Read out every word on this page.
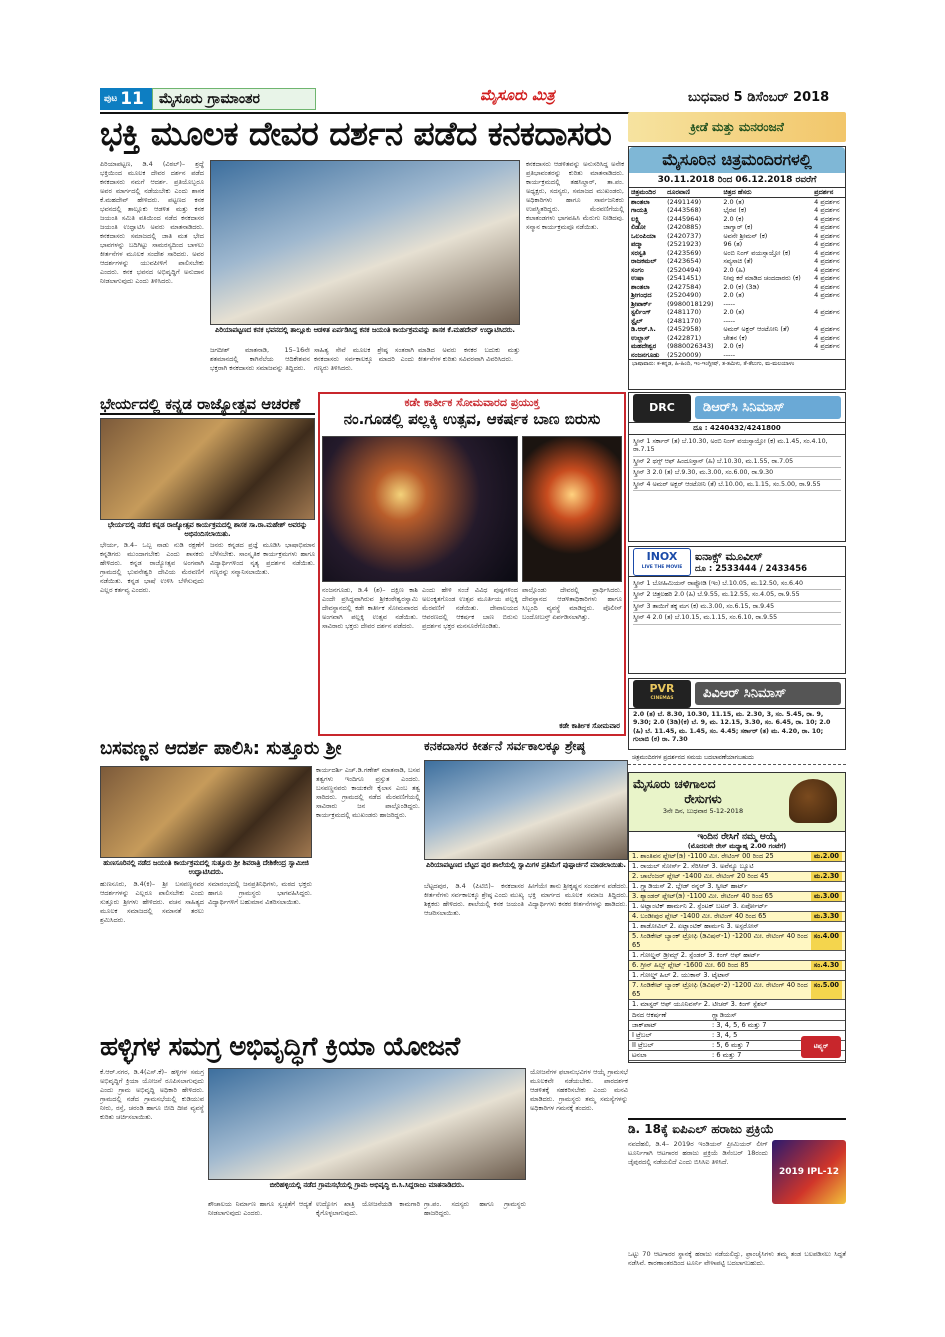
ಪುಟ 11	ಮೈಸೂರು ಗ್ರಾಮಾಂತರ	ಮೈಸೂರು ಮಿತ್ರ	ಬುಧವಾರ 5 ಡಿಸೆಂಬರ್ 2018
ಭಕ್ತಿ ಮೂಲಕ ದೇವರ ದರ್ಶನ ಪಡೆದ ಕನಕದಾಸರು
ಪಿರಿಯಾಪಟ್ಟಣ, ಡಿ.4 (ವಿಠಲ್)– ಶ್ರದ್ಧೆ ಭಕ್ತಿಯಿಂದ ಮೂಲಕ ದೇವರ ದರ್ಶನ ಪಡೆದ ಕನಕದಾಸರು ನಮಗೆ ಆದರ್ಶ. ಪ್ರತಿಯೊಬ್ಬರೂ ಅವರ ಮಾರ್ಗದಲ್ಲಿ ನಡೆಯಬೇಕು ಎಂದು ಶಾಸಕ ಕೆ.ಮಹದೇವ್ ಹೇಳಿದರು. ಪಟ್ಟಣದ ಕನಕ ಭವನದಲ್ಲಿ ತಾಲ್ಲೂಕು ಆಡಳಿತ ಮತ್ತು ಕನಕ ಜಯಂತಿ ಸಮಿತಿ ವತಿಯಿಂದ ನಡೆದ ಕನಕದಾಸರ ಜಯಂತಿ ಉದ್ಘಾಟಿಸಿ ಅವರು ಮಾತನಾಡಿದರು. ಕನಕದಾಸರು ಸಮಾಜದಲ್ಲಿ ಜಾತಿ ಮತ ಭೇದ ಭಾವಗಳನ್ನು ಬದಿಗಿಟ್ಟು ಸಾಮರಸ್ಯದಿಂದ ಬಾಳಲು ಕೀರ್ತನೆಗಳ ಮೂಲಕ ಸಂದೇಶ ಸಾರಿದರು. ಅವರ ಆದರ್ಶಗಳನ್ನು ಯುವಪೀಳಿಗೆ ಪಾಲಿಸಬೇಕು ಎಂದರು. ಕನಕ ಭವನದ ಅಭಿವೃದ್ಧಿಗೆ ಅನುದಾನ ನೀಡಲಾಗುವುದು ಎಂದು ತಿಳಿಸಿದರು.
ಪಿರಿಯಾಪಟ್ಟಣದ ಕನಕ ಭವನದಲ್ಲಿ ತಾಲ್ಲೂಕು ಆಡಳಿತ ಏರ್ಪಡಿಸಿದ್ದ ಕನಕ ಜಯಂತಿ ಕಾರ್ಯಕ್ರಮವನ್ನು ಶಾಸಕ ಕೆ.ಮಹದೇವ್ ಉದ್ಘಾಟಿಸಿದರು.
ಜಗದೀಶ್ ಮಾತನಾಡಿ, 15–16ನೇ ಶತಮಾನದಲ್ಲಿ ಕಾಗಿನೆಲೆಯ ಆದಿಕೇಶವನ ಭಕ್ತರಾಗಿ ಕನಕದಾಸರು ಸಮಾಜವನ್ನು ತಿದ್ದಿದರು.
ಸಾಹಿತ್ಯ ಸೇವೆ ಮೂಲಕ ಶ್ರೇಷ್ಠ ಸಂತರಾಗಿ ಕನಕದಾಸರು ಸರ್ವಕಾಲಕ್ಕೂ ಮಾದರಿ ಎಂದು ಗಣ್ಯರು ತಿಳಿಸಿದರು.
ಮಾಡಿದ ಅವರು ಕನಕರ ಬದುಕು ಮತ್ತು ಕೀರ್ತನೆಗಳ ಕುರಿತು ಸವಿವರವಾಗಿ ವಿವರಿಸಿದರು.
ಕನಕದಾಸರು ಆಡಳಿತವನ್ನು ಅನುಸರಿಸಿದ್ದ ಅನೇಕ ಪ್ರತಿಭಾವಂತರನ್ನು ಕುರಿತು ಮಾತನಾಡಿದರು. ಕಾರ್ಯಕ್ರಮದಲ್ಲಿ ತಹಸಿಲ್ದಾರ್, ತಾ.ಪಂ. ಅಧ್ಯಕ್ಷರು, ಸದಸ್ಯರು, ಸಮಾಜದ ಮುಖಂಡರು, ಅಧಿಕಾರಿಗಳು ಹಾಗೂ ಸಾರ್ವಜನಿಕರು ಉಪಸ್ಥಿತರಿದ್ದರು. ಮೆರವಣಿಗೆಯಲ್ಲಿ ಕಲಾತಂಡಗಳು ಭಾಗವಹಿಸಿ ಮೆರುಗು ನೀಡಿದವು. ಸನ್ಮಾನ ಕಾರ್ಯಕ್ರಮವೂ ನಡೆಯಿತು.
ಭೇರ್ಯದಲ್ಲಿ ಕನ್ನಡ ರಾಜ್ಯೋತ್ಸವ ಆಚರಣೆ
ಭೇರ್ಯದಲ್ಲಿ ನಡೆದ ಕನ್ನಡ ರಾಜ್ಯೋತ್ಸವ ಕಾರ್ಯಕ್ರಮದಲ್ಲಿ ಶಾಸಕ ಸಾ.ರಾ.ಮಹೇಶ್ ಅವರನ್ನು ಅಭಿನಂದಿಸಲಾಯಿತು.
ಭೇರ್ಯ, ಡಿ.4– ಒಬ್ಬ ನಾಡು ನುಡಿ ರಕ್ಷಣೆಗೆ ಕನ್ನಡಿಗರು ಮುಂದಾಗಬೇಕು ಎಂದು ಶಾಸಕರು ಹೇಳಿದರು. ಕನ್ನಡ ರಾಜ್ಯೋತ್ಸವ ಅಂಗವಾಗಿ ಗ್ರಾಮದಲ್ಲಿ ಭುವನೇಶ್ವರಿ ದೇವಿಯ ಮೆರವಣಿಗೆ ನಡೆಯಿತು. ಕನ್ನಡ ಭಾಷೆ ಉಳಿಸಿ ಬೆಳೆಸುವುದು ಎಲ್ಲರ ಕರ್ತವ್ಯ ಎಂದರು.
ಜನರು ಕನ್ನಡದ ಪ್ರಜ್ಞೆ ಮೂಡಿಸಿ ಭಾಷಾಭಿಮಾನ ಬೆಳೆಸಬೇಕು. ಸಾಂಸ್ಕೃತಿಕ ಕಾರ್ಯಕ್ರಮಗಳು ಹಾಗೂ ವಿದ್ಯಾರ್ಥಿಗಳಿಂದ ನೃತ್ಯ ಪ್ರದರ್ಶನ ನಡೆಯಿತು. ಗಣ್ಯರನ್ನು ಸನ್ಮಾನಿಸಲಾಯಿತು.
ಕಡೇ ಕಾರ್ತೀಕ ಸೋಮವಾರದ ಪ್ರಯುಕ್ತ
ನಂ.ಗೂಡಲ್ಲಿ ಪಲ್ಲಕ್ಕಿ ಉತ್ಸವ, ಆಕರ್ಷಕ ಬಾಣ ಬಿರುಸು
ನಂಜನಗೂಡು, ಡಿ.4 (ಶ)– ದಕ್ಷಿಣ ಕಾಶಿ ಎಂದೇ ಪ್ರಸಿದ್ಧವಾಗಿರುವ ಶ್ರೀಕಂಠೇಶ್ವರಸ್ವಾಮಿ ದೇವಸ್ಥಾನದಲ್ಲಿ ಕಡೇ ಕಾರ್ತೀಕ ಸೋಮವಾರದ ಅಂಗವಾಗಿ ಪಲ್ಲಕ್ಕಿ ಉತ್ಸವ ನಡೆಯಿತು. ಸಾವಿರಾರು ಭಕ್ತರು ದೇವರ ದರ್ಶನ ಪಡೆದರು.
ಎಂದು ಹೇಳಿ ಸಂಜೆ ವಿವಿಧ ಪುಷ್ಪಗಳಿಂದ ಅಲಂಕೃತಗೊಂಡ ಉತ್ಸವ ಮೂರ್ತಿಯ ಪಲ್ಲಕ್ಕಿ ಮೆರವಣಿಗೆ ನಡೆಯಿತು. ದೇವಾಲಯದ ಆವರಣದಲ್ಲಿ ಆಕರ್ಷಕ ಬಾಣ ಬಿರುಸು ಪ್ರದರ್ಶನ ಭಕ್ತರ ಮನಸೂರೆಗೊಂಡಿತು.
ಪಾಲ್ಗೊಂಡು ದೇವರಲ್ಲಿ ಪ್ರಾರ್ಥಿಸಿದರು. ದೇವಸ್ಥಾನದ ಆಡಳಿತಾಧಿಕಾರಿಗಳು ಹಾಗೂ ಸಿಬ್ಬಂದಿ ವ್ಯವಸ್ಥೆ ಮಾಡಿದ್ದರು. ಪೊಲೀಸ್ ಬಂದೋಬಸ್ತ್ ಏರ್ಪಡಿಸಲಾಗಿತ್ತು.
ಕಡೇ ಕಾರ್ತೀಕ ಸೋಮವಾರ
ಬಸವಣ್ಣನ ಆದರ್ಶ ಪಾಲಿಸಿ: ಸುತ್ತೂರು ಶ್ರೀ
ಹುಣಸೂರಿನಲ್ಲಿ ನಡೆದ ಜಯಂತಿ ಕಾರ್ಯಕ್ರಮದಲ್ಲಿ ಸುತ್ತೂರು ಶ್ರೀ ಶಿವರಾತ್ರಿ ದೇಶಿಕೇಂದ್ರ ಸ್ವಾಮೀಜಿ ಉದ್ಘಾಟಿಸಿದರು.
ಹುಣಸೂರು, ಡಿ.4(ಕಿ)– ಶ್ರೀ ಬಸವಣ್ಣನವರ ಆದರ್ಶಗಳನ್ನು ಎಲ್ಲರೂ ಪಾಲಿಸಬೇಕು ಎಂದು ಸುತ್ತೂರು ಶ್ರೀಗಳು ಹೇಳಿದರು. ವಚನ ಸಾಹಿತ್ಯದ ಮೂಲಕ ಸಮಾಜದಲ್ಲಿ ಸಮಾನತೆ ತರಲು ಶ್ರಮಿಸಿದರು.
ಸಮಾರಂಭದಲ್ಲಿ ಜನಪ್ರತಿನಿಧಿಗಳು, ಮಠದ ಭಕ್ತರು ಹಾಗೂ ಗ್ರಾಮಸ್ಥರು ಭಾಗವಹಿಸಿದ್ದರು. ವಿದ್ಯಾರ್ಥಿಗಳಿಗೆ ಬಹುಮಾನ ವಿತರಿಸಲಾಯಿತು.
ಕಾರ್ಯದರ್ಶಿ ಎಚ್.ಡಿ.ಗಣೇಶ್ ಮಾತನಾಡಿ, ಬಸವ ತತ್ವಗಳು ಇಂದಿಗೂ ಪ್ರಸ್ತುತ ಎಂದರು. ಬಸವಣ್ಣನವರು ಕಾಯಕವೇ ಕೈಲಾಸ ಎಂಬ ತತ್ವ ಸಾರಿದರು. ಗ್ರಾಮದಲ್ಲಿ ನಡೆದ ಮೆರವಣಿಗೆಯಲ್ಲಿ ಸಾವಿರಾರು ಜನ ಪಾಲ್ಗೊಂಡಿದ್ದರು. ಕಾರ್ಯಕ್ರಮದಲ್ಲಿ ಮುಖಂಡರು ಹಾಜರಿದ್ದರು.
ಕನಕದಾಸರ ಕೀರ್ತನೆ ಸರ್ವಕಾಲಕ್ಕೂ ಶ್ರೇಷ್ಠ
ಪಿರಿಯಾಪಟ್ಟಣದ ಬೆಟ್ಟದ ಪುರ ಶಾಲೆಯಲ್ಲಿ ಸ್ವಾಮಿಗಳ ಪ್ರತಿಮೆಗೆ ಪುಷ್ಪಾರ್ಚನೆ ಮಾಡಲಾಯಿತು.
ಬೆಟ್ಟದಪುರ, ಡಿ.4 (ಪಿಟಿಬಿ)– ಕನಕದಾಸರ ಕೀರ್ತನೆಗಳು ಸರ್ವಕಾಲಕ್ಕೂ ಶ್ರೇಷ್ಠ ಎಂದು ಮುಖ್ಯ ಶಿಕ್ಷಕರು ಹೇಳಿದರು. ಶಾಲೆಯಲ್ಲಿ ಕನಕ ಜಯಂತಿ ಆಚರಿಸಲಾಯಿತು.
ಹೀಗೆಯೇ ತಾನು ಶ್ರೀಕೃಷ್ಣನ ಸಂದರ್ಶನ ಪಡೆದರು. ಭಕ್ತಿ ಮಾರ್ಗದ ಮೂಲಕ ಸಮಾಜ ತಿದ್ದಿದರು. ವಿದ್ಯಾರ್ಥಿಗಳು ಕನಕರ ಕೀರ್ತನೆಗಳನ್ನು ಹಾಡಿದರು.
ಹಳ್ಳಿಗಳ ಸಮಗ್ರ ಅಭಿವೃದ್ಧಿಗೆ ಕ್ರಿಯಾ ಯೋಜನೆ
ಕೆ.ಆರ್.ನಗರ, ಡಿ.4(ಎಸ್.ಕೆ)– ಹಳ್ಳಿಗಳ ಸಮಗ್ರ ಅಭಿವೃದ್ಧಿಗೆ ಕ್ರಿಯಾ ಯೋಜನೆ ರೂಪಿಸಲಾಗುವುದು ಎಂದು ಗ್ರಾಮ ಅಭಿವೃದ್ಧಿ ಅಧಿಕಾರಿ ಹೇಳಿದರು. ಗ್ರಾಮದಲ್ಲಿ ನಡೆದ ಗ್ರಾಮಸಭೆಯಲ್ಲಿ ಕುಡಿಯುವ ನೀರು, ರಸ್ತೆ, ಚರಂಡಿ ಹಾಗೂ ಬೀದಿ ದೀಪ ವ್ಯವಸ್ಥೆ ಕುರಿತು ಚರ್ಚಿಸಲಾಯಿತು.
ಬೀರಿಹಳ್ಳಿಯಲ್ಲಿ ನಡೆದ ಗ್ರಾಮಸಭೆಯಲ್ಲಿ ಗ್ರಾಮ ಅಭಿವೃದ್ಧಿ ಬಿ.ಸಿ.ಸಿದ್ದರಾಜು ಮಾತನಾಡಿದರು.
ಶೌಚಾಲಯ ನಿರ್ಮಾಣ ಹಾಗೂ ಸ್ವಚ್ಛತೆಗೆ ಆದ್ಯತೆ ನೀಡಲಾಗುವುದು ಎಂದರು.
ಉದ್ಯೋಗ ಖಾತ್ರಿ ಯೋಜನೆಯಡಿ ಕಾಮಗಾರಿ ಕೈಗೊಳ್ಳಲಾಗುವುದು.
ಗ್ರಾ.ಪಂ. ಸದಸ್ಯರು ಹಾಗೂ ಗ್ರಾಮಸ್ಥರು ಹಾಜರಿದ್ದರು.
ಯೋಜನೆಗಳ ಫಲಾನುಭವಿಗಳ ಆಯ್ಕೆ ಗ್ರಾಮಸಭೆ ಮೂಲಕವೇ ನಡೆಯಬೇಕು. ಪಾರದರ್ಶಕ ಆಡಳಿತಕ್ಕೆ ಸಹಕರಿಸಬೇಕು ಎಂದು ಮನವಿ ಮಾಡಿದರು. ಗ್ರಾಮಸ್ಥರು ತಮ್ಮ ಸಮಸ್ಯೆಗಳನ್ನು ಅಧಿಕಾರಿಗಳ ಗಮನಕ್ಕೆ ತಂದರು.
ಕ್ರೀಡೆ ಮತ್ತು ಮನರಂಜನೆ
ಮೈಸೂರಿನ ಚಿತ್ರಮಂದಿರಗಳಲ್ಲಿ
30.11.2018 ರಿಂದ 06.12.2018 ರವರೆಗೆ
ಚಿತ್ರಮಂದಿರ	ದೂರವಾಣಿ	ಚಿತ್ರದ ಹೆಸರು	ಪ್ರದರ್ಶನ
ಶಾಂತಲಾ	(2491149)	2.0 (ತ)	4 ಪ್ರದರ್ಶನ
ಗಾಯತ್ರಿ	(2443568)	ಭೈರವ (ಕ)	4 ಪ್ರದರ್ಶನ
ಲಕ್ಷ್ಮಿ	(2445964)	2.0 (ಕ)	4 ಪ್ರದರ್ಶನ
ಲಿಡೋ	(2420885)	ಜಾಗ್ವಾರ್ (ಕ)	4 ಪ್ರದರ್ಶನ
ಒಲಂಪಿಯಾ	(2420737)	ಅವನೇ ಶ್ರೀಮನ್ (ಕ)	4 ಪ್ರದರ್ಶನ
ಪದ್ಮಾ	(2521923)	96 (ತ)	4 ಪ್ರದರ್ಶನ
ಸರಸ್ವತಿ	(2423569)	ಅಂಬಿ ನಿಂಗ್ ವಯಸ್ಸಾಯ್ತೋ (ಕ)	4 ಪ್ರದರ್ಶನ
ರಾಜಕಮಲ್	(2423654)	ಸವ್ಯಸಾಚಿ (ತೆ)	4 ಪ್ರದರ್ಶನ
ಸಂಗಂ	(2520494)	2.0 (ಹಿ)	4 ಪ್ರದರ್ಶನ
ಉಷಾ	(2541451)	ನೀವು ಕರೆ ಮಾಡಿದ ಚಂದದಾರರು (ಕ)	4 ಪ್ರದರ್ಶನ
ಶಾಂತಲಾ	(2427584)	2.0 (ಕ) (3ಡಿ)	4 ಪ್ರದರ್ಶನ
ಶ್ರೀಗಂಧದ	(2520490)	2.0 (ತ)	4 ಪ್ರದರ್ಶನ
ಶ್ರೀಪಾರ್ಕ್	(9980018129)	-----	
ಸ್ಟರ್ಲಿಂಗ್	(2481170)	2.0 (ತ)	4 ಪ್ರದರ್ಶನ
ಸ್ಟೈಲ್	(2481170)	-----	
ಡಿ.ಆರ್.ಸಿ.	(2452958)	ಅಮರ್ ಅಕ್ಬರ್ ಆಂಟೋನಿ (ತೆ)	4 ಪ್ರದರ್ಶನ
ಉಲ್ಲಾಸ್	(2422871)	ಚೇತನ (ಕ)	4 ಪ್ರದರ್ಶನ
ಮಹದೇಶ್ವರ	(9880026343)	2.0 (ಕ)	4 ಪ್ರದರ್ಶನ
ನಂಜನಗೂಡು	(2520009)	-----	
ಭಾಷಾವಾರು: ಕ-ಕನ್ನಡ, ಹಿ-ಹಿಂದಿ, ಇಂ-ಇಂಗ್ಲೀಷ್, ತ-ತಮಿಳು, ತೆ-ತೆಲುಗು, ಮ-ಮಲಯಾಳಂ
DRC	ಡಿಆರ್‌ಸಿ ಸಿನಿಮಾಸ್
ದೂ : 4240432/4241800
ಸ್ಕ್ರೀನ್ 1 ಸರ್ಕಾರ್ (ತ) ಬೆ.10.30, ಅಂಬಿ ನಿಂಗ್ ವಯಸ್ಸಾಯ್ತೋ (ಕ) ಮ.1.45, ಸಂ.4.10, ರಾ.7.15
ಸ್ಕ್ರೀನ್ 2 ಥಗ್ಸ್ ಆಫ್ ಹಿಂದೂಸ್ತಾನ್ (ಹಿ) ಬೆ.10.30, ಮ.1.55, ರಾ.7.05
ಸ್ಕ್ರೀನ್ 3 2.0 (ತ) ಬೆ.9.30, ಮ.3.00, ಸಂ.6.00, ರಾ.9.30
ಸ್ಕ್ರೀನ್ 4 ಅಮರ್ ಅಕ್ಬರ್ ಆಂಟೋನಿ (ತೆ) ಬೆ.10.00, ಮ.1.15, ಸಂ.5.00, ರಾ.9.55
INOX
LIVE THE MOVIE
ಐನಾಕ್ಸ್ ಮೂವೀಸ್
ದೂ : 2533444 / 2433456
ಸ್ಕ್ರೀನ್ 1 ಬೋಹಿಮಿಯನ್ ರಾಪ್ಸೋಡಿ (ಇಂ) ಬೆ.10.05, ಮ.12.50, ಸಂ.6.40
ಸ್ಕ್ರೀನ್ 2 ಚಿತ್ರಲಹರಿ 2.0 (ಹಿ) ಬೆ.9.55, ಮ.12.55, ಸಂ.4.05, ರಾ.9.55
ಸ್ಕ್ರೀನ್ 3 ತಾಯಿಗೆ ತಕ್ಕ ಮಗ (ಕ) ಮ.3.00, ಸಂ.6.15, ರಾ.9.45
ಸ್ಕ್ರೀನ್ 4 2.0 (ತ) ಬೆ.10.15, ಮ.1.15, ಸಂ.6.10, ರಾ.9.55
PVR
CINEMAS	ಪಿವಿಆರ್ ಸಿನಿಮಾಸ್
2.0 (ತ) ಬೆ. 8.30, 10.30, 11.15, ಮ. 2.30, 3, ಸಂ. 5.45, ರಾ. 9, 9.30; 2.0 (3ಡಿ)(ಕ) ಬೆ. 9, ಮ. 12.15, 3.30, ಸಂ. 6.45, ರಾ. 10; 2.0 (ಹಿ) ಬೆ. 11.45, ಮ. 1.45, ಸಂ. 4.45; ಸರ್ಕಾರ್ (ತ) ಮ. 4.20, ರಾ. 10; ಗುಲಾಬಿ (ಕ) ರಾ. 7.30
ಚಿತ್ರಮಂದಿರಗಳ ಪ್ರದರ್ಶನದ ಸಮಯ ಬದಲಾವಣೆಯಾಗಬಹುದು
ಮೈಸೂರು ಚಳಿಗಾಲದ
ರೇಸುಗಳು
3ನೇ ದಿನ, ಬುಧವಾರ 5-12-2018
ಇಂದಿನ ರೇಸಿಗೆ ನಮ್ಮ ಆಯ್ಕೆ
(ಮೊದಲನೇ ರೇಸ್ ಮಧ್ಯಾಹ್ನ 2.00 ಗಂಟೆಗೆ)
1. ಶಾಂತಿವನ ಪ್ಲೇಟ್(ಡಿ) -1100 ಮೀ. ರೇಟಿಂಗ್ 00 ರಿಂದ 25	ಮ.2.00
1. ರಾಯಲ್ ಸೋರ್ಸ್ 2. ಸೆರಿಸೀರ್ 3. ಅವೆನ್ಯೂ ಬ್ಯೂಟಿ
2. ಚಾಲೆಂಜರ್ ಪ್ಲೇಟ್ -1400 ಮೀ. ರೇಟಿಂಗ್ 20 ರಿಂದ 45	ಮ.2.30
1. ಗ್ಲ್ಯಾಡಿಯಸ್ 2. ಬ್ಲೇಡ್ ರನ್ನರ್ 3. ಸ್ವೀಟ್ ಹಾರ್ಟ್
3. ಶ್ಯಾಂಡರ್ ಪ್ಲೇಟ್(ಡಿ) -1100 ಮೀ. ರೇಟಿಂಗ್ 40 ರಿಂದ 65	ಮ.3.00
1. ಅಟ್ಲಾಂಟಿಕ್ ಹಾರ್ಮನಿ 2. ಸ್ಪೆಂಟಕ್ ಬಟರ್ 3. ಏರ್ಪೋರ್ಟ್
4. ಬಂಡೀಪುರ ಪ್ಲೇಟ್ -1400 ಮೀ. ರೇಟಿಂಗ್ 40 ರಿಂದ 65	ಮ.3.30
1. ಶಾಡೋವಿಲ್ 2. ಏಟ್ಲಾಂಟಿಕ್ ಹಾರ್ಮನಿ 3. ಅಸ್ಪರೋಸ್
5. ಸಿಂಡಿಕೇಟ್ ಬ್ಯಾಂಕ್ ಟ್ರೋಫಿ (ಡಿವಿಷನ್-1) -1200 ಮೀ. ರೇಟಿಂಗ್ 40 ರಿಂದ 65
ಸಂ.4.00
1. ಗೋಲ್ಡನ್ ಡ್ರೀಮ್ಸ್ 2. ಸ್ಪೆಂಡರ್ 3. ಕಿಂಗ್ ಆಫ್ ಹಾರ್ಟ್
6. ಗ್ರೀನ್ ಹಿಲ್ಸ್ ಪ್ಲೇಟ್ -1600 ಮೀ. 60 ರಿಂದ 85	ಸಂ.4.30
1. ಗೋಲ್ಡ್ ಹಿಲ್ 2. ಯುಕಾನ್ 3. ಟೈಟಾನ್
7. ಸಿಂಡಿಕೇಟ್ ಬ್ಯಾಂಕ್ ಟ್ರೋಫಿ (ಡಿವಿಷನ್-2) -1200 ಮೀ. ರೇಟಿಂಗ್ 40 ರಿಂದ 65
ಸಂ.5.00
1. ಮಾಸ್ಟರ್ ಆಫ್ ಯೂನಿವರ್ಸ್ 2. ಟೀಚರ್ 3. ಕಿಂಗ್ ಸ್ಪೆಶಲ್
ದಿನದ ಆಕರ್ಷಣೆ	ಗ್ಲ್ಯಾಡಿಯಸ್
ಜಾಕ್‌ಪಾಟ್	: 3, 4, 5, 6 ಮತ್ತು 7
I ಟ್ರೆಬಲ್	: 3, 4, 5
II ಟ್ರೆಬಲ್	: 5, 6 ಮತ್ತು 7
ಟನಲಾ	: 6 ಮತ್ತು 7
ಟಿಪ್ಸ್ಟರ್
ಡಿ. 18ಕ್ಕೆ ಐಪಿಎಲ್ ಹರಾಜು ಪ್ರಕ್ರಿಯೆ
ನವದೆಹಲಿ, ಡಿ.4– 2019ರ ಇಂಡಿಯನ್ ಪ್ರೀಮಿಯರ್ ಲೀಗ್ ಟೂರ್ನಿಗಾಗಿ ಆಟಗಾರರ ಹರಾಜು ಪ್ರಕ್ರಿಯೆ ಡಿಸೆಂಬರ್ 18ರಂದು ಜೈಪುರದಲ್ಲಿ ನಡೆಯಲಿದೆ ಎಂದು ಬಿಸಿಸಿಐ ತಿಳಿಸಿದೆ.
2019 IPL-12
ಒಟ್ಟು 70 ಆಟಗಾರರ ಸ್ಥಾನಕ್ಕೆ ಹರಾಜು ನಡೆಯಲಿದ್ದು, ಫ್ರಾಂಚೈಸಿಗಳು ತಮ್ಮ ತಂಡ ಬಲಪಡಿಸಲು ಸಿದ್ಧತೆ ನಡೆಸಿವೆ. ಕಾರಣಾಂತರದಿಂದ ಟೂರ್ನಿ ವೇಳಾಪಟ್ಟಿ ಬದಲಾಗಬಹುದು.
